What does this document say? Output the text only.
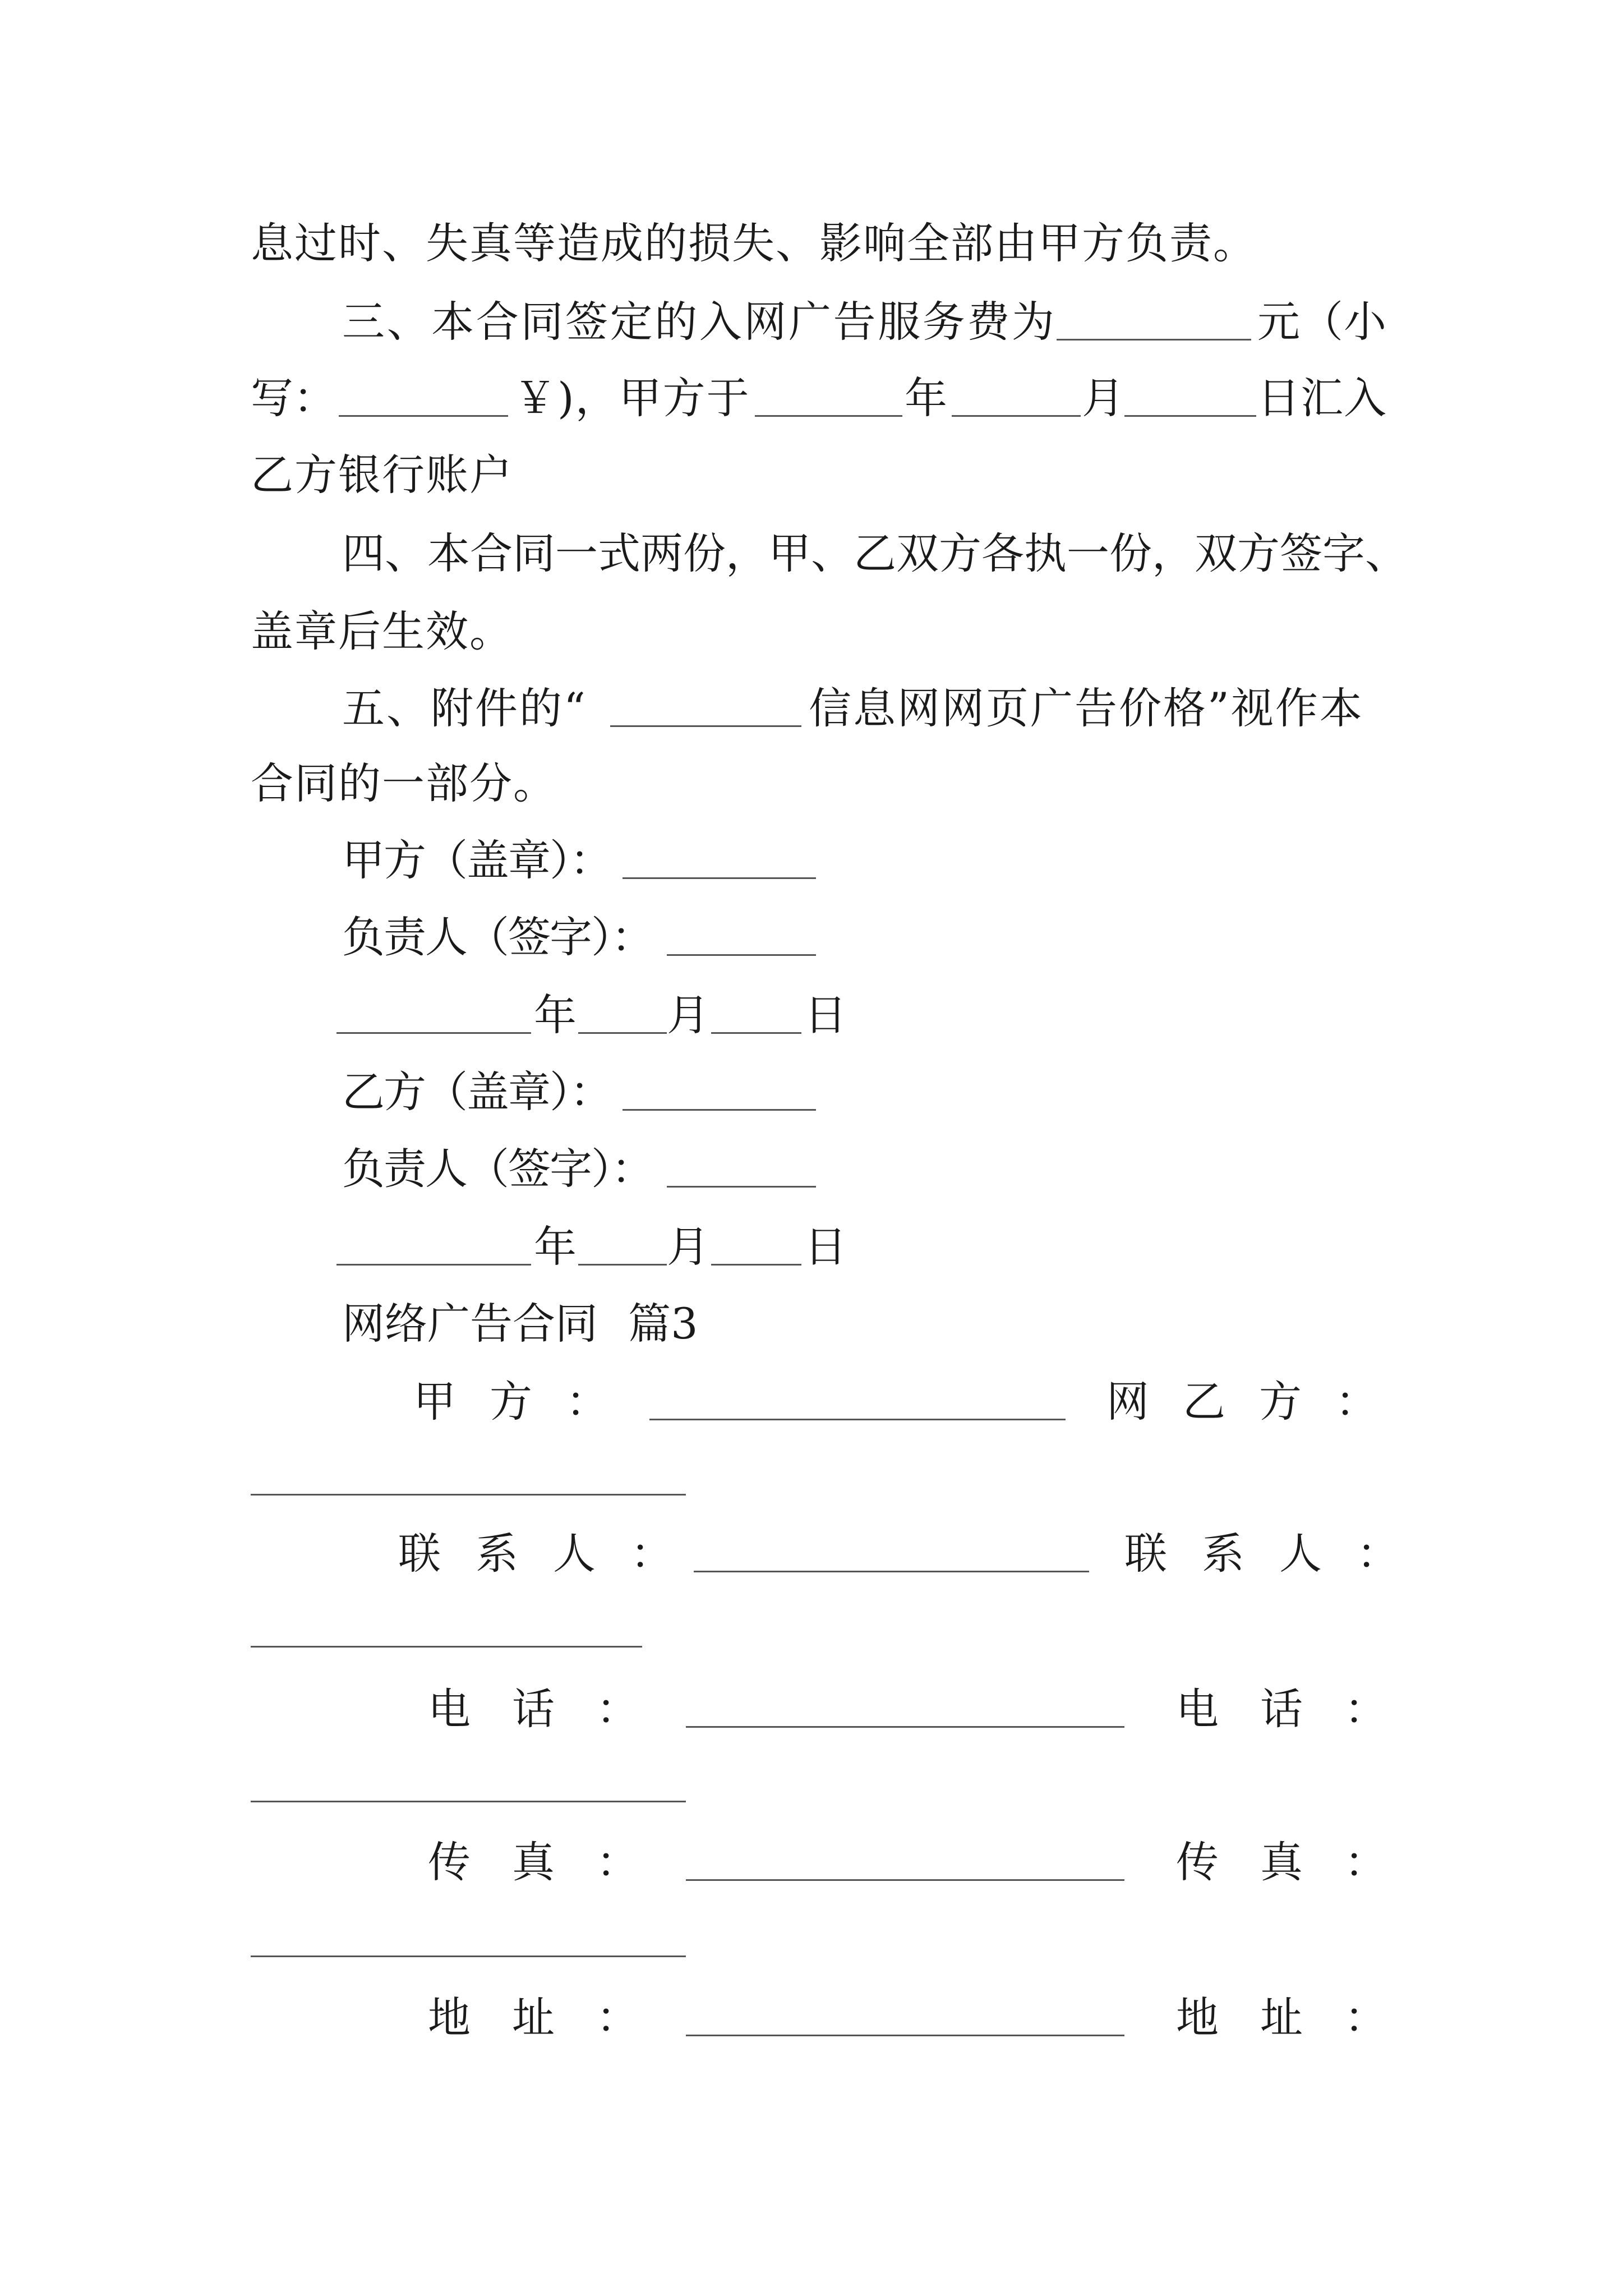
息过时、失真等造成的损失、影响全部由甲方负责。
三、本合同签定的入网广告服务费为	元（小
写：	￥)，甲方于	年	月	日汇入
乙方银行账户
四、本合同一式两份，甲、乙双方各执一份，双方签字、
盖章后生效。
五、附件的“	信息网网页广告价格”视作本
合同的一部分。
甲方（盖章）：
负责人（签字）：
年 月 日
乙方（盖章）：
负责人（签字）：
年 月 日
网络广告合同 篇3
甲方：	网乙方：
联系人：	联系人：
电话：	电话：
传真：	传真：
地址：	地址：
